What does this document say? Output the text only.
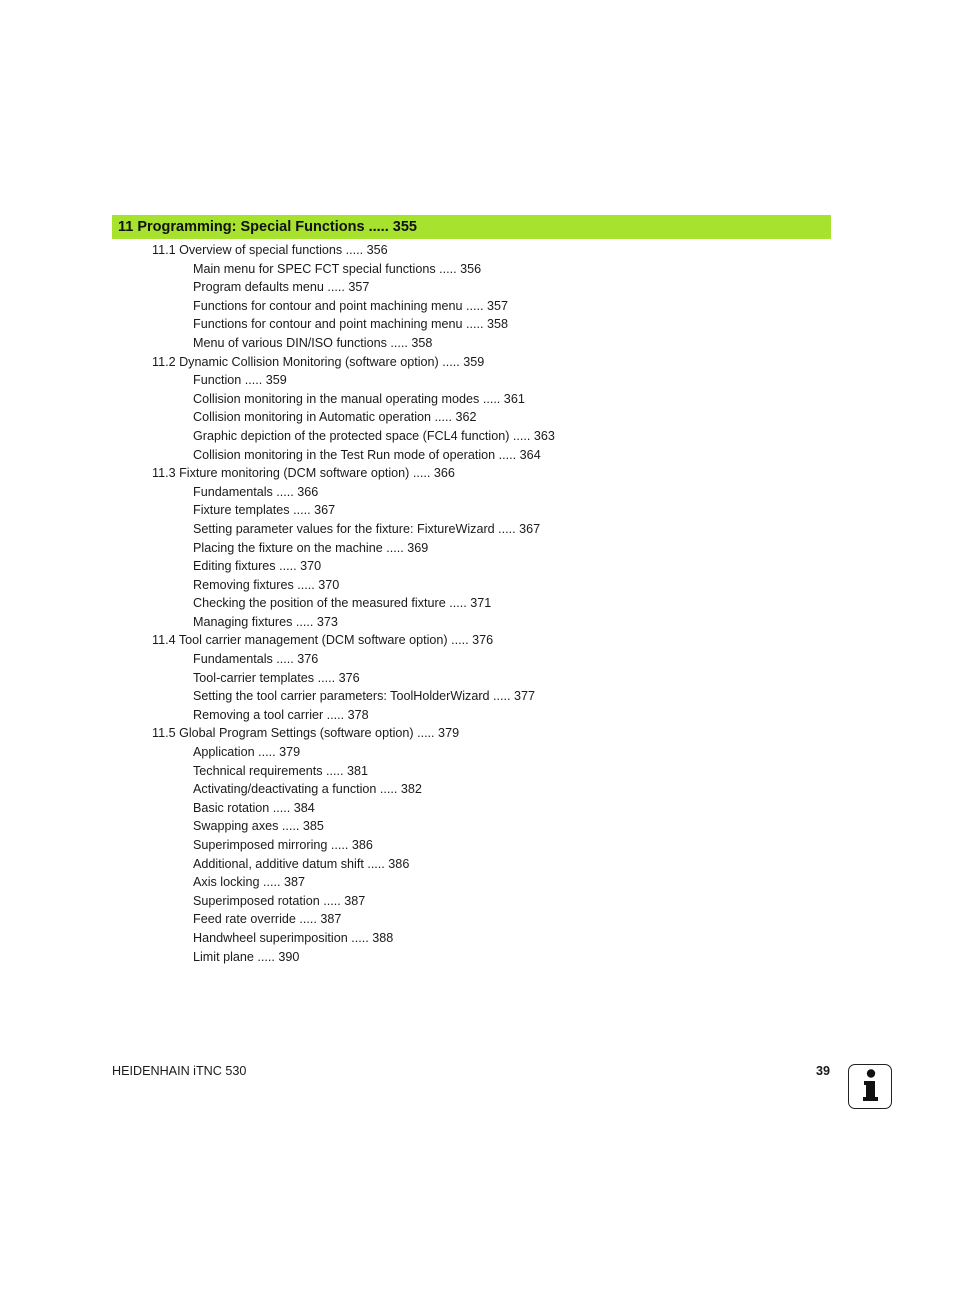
11 Programming: Special Functions ..... 355
11.1 Overview of special functions ..... 356
Main menu for SPEC FCT special functions ..... 356
Program defaults menu ..... 357
Functions for contour and point machining menu ..... 357
Functions for contour and point machining menu ..... 358
Menu of various DIN/ISO functions ..... 358
11.2 Dynamic Collision Monitoring (software option) ..... 359
Function ..... 359
Collision monitoring in the manual operating modes ..... 361
Collision monitoring in Automatic operation ..... 362
Graphic depiction of the protected space (FCL4 function) ..... 363
Collision monitoring in the Test Run mode of operation ..... 364
11.3 Fixture monitoring (DCM software option) ..... 366
Fundamentals ..... 366
Fixture templates ..... 367
Setting parameter values for the fixture: FixtureWizard ..... 367
Placing the fixture on the machine ..... 369
Editing fixtures ..... 370
Removing fixtures ..... 370
Checking the position of the measured fixture ..... 371
Managing fixtures ..... 373
11.4 Tool carrier management (DCM software option) ..... 376
Fundamentals ..... 376
Tool-carrier templates ..... 376
Setting the tool carrier parameters: ToolHolderWizard ..... 377
Removing a tool carrier ..... 378
11.5 Global Program Settings (software option) ..... 379
Application ..... 379
Technical requirements ..... 381
Activating/deactivating a function ..... 382
Basic rotation ..... 384
Swapping axes ..... 385
Superimposed mirroring ..... 386
Additional, additive datum shift ..... 386
Axis locking ..... 387
Superimposed rotation ..... 387
Feed rate override ..... 387
Handwheel superimposition ..... 388
Limit plane ..... 390
HEIDENHAIN iTNC 530	39
